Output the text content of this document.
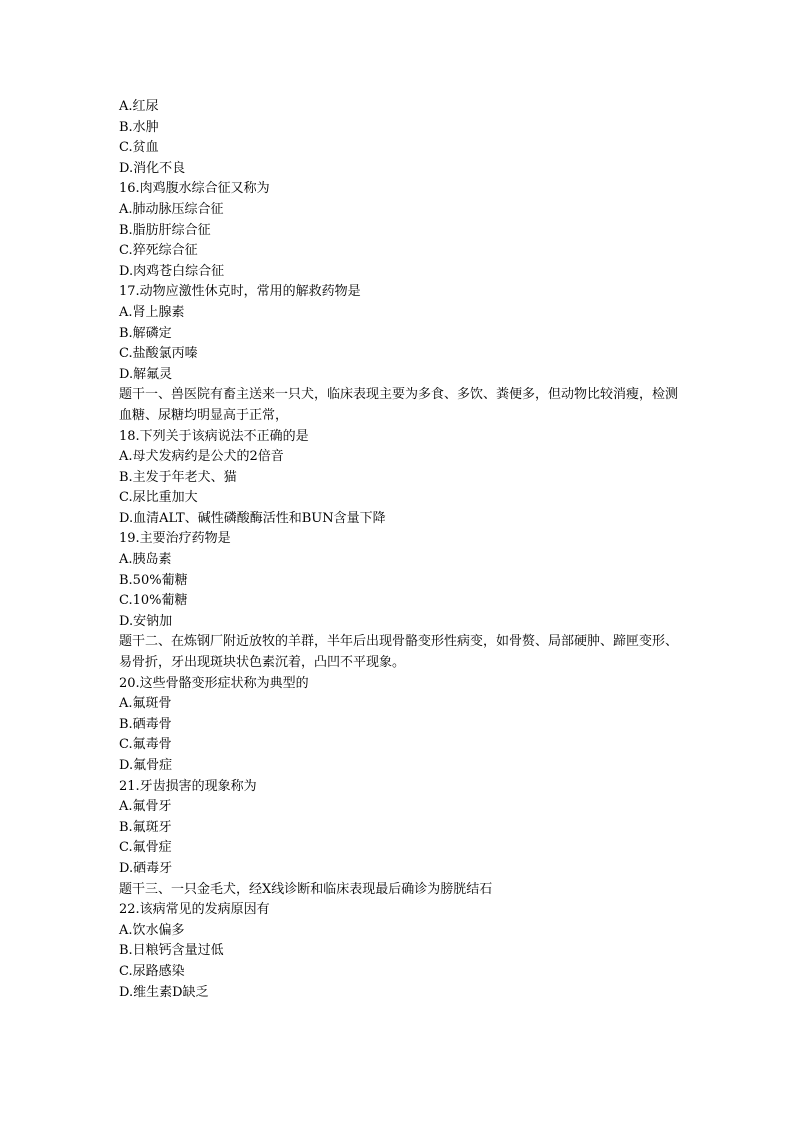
A.红尿

B.水肿

C.贫血

D.消化不良

16.肉鸡腹水综合征又称为

A.肺动脉压综合征

B.脂肪肝综合征

C.猝死综合征

D.肉鸡苍白综合征

17.动物应激性休克时，常用的解救药物是

A.肾上腺素

B.解磷定

C.盐酸氯丙嗪

D.解氟灵

题干一、兽医院有畜主送来一只犬，临床表现主要为多食、多饮、粪便多，但动物比较消瘦，检测血糖、尿糖均明显高于正常，

18.下列关于该病说法不正确的是

A.母犬发病约是公犬的2倍音

B.主发于年老犬、猫

C.尿比重加大

D.血清ALT、碱性磷酸酶活性和BUN含量下降

19.主要治疗药物是

A.胰岛素

B.50%葡糖

C.10%葡糖

D.安钠加

题干二、在炼钢厂附近放牧的羊群，半年后出现骨骼变形性病变，如骨赘、局部硬肿、蹄匣变形、易骨折，牙出现斑块状色素沉着，凸凹不平现象。

20.这些骨骼变形症状称为典型的

A.氟斑骨

B.硒毒骨

C.氟毒骨

D.氟骨症

21.牙齿损害的现象称为

A.氟骨牙

B.氟斑牙

C.氟骨症

D.硒毒牙

题干三、一只金毛犬，经X线诊断和临床表现最后确诊为膀胱结石

22.该病常见的发病原因有

A.饮水偏多

B.日粮钙含量过低

C.尿路感染

D.维生素D缺乏
